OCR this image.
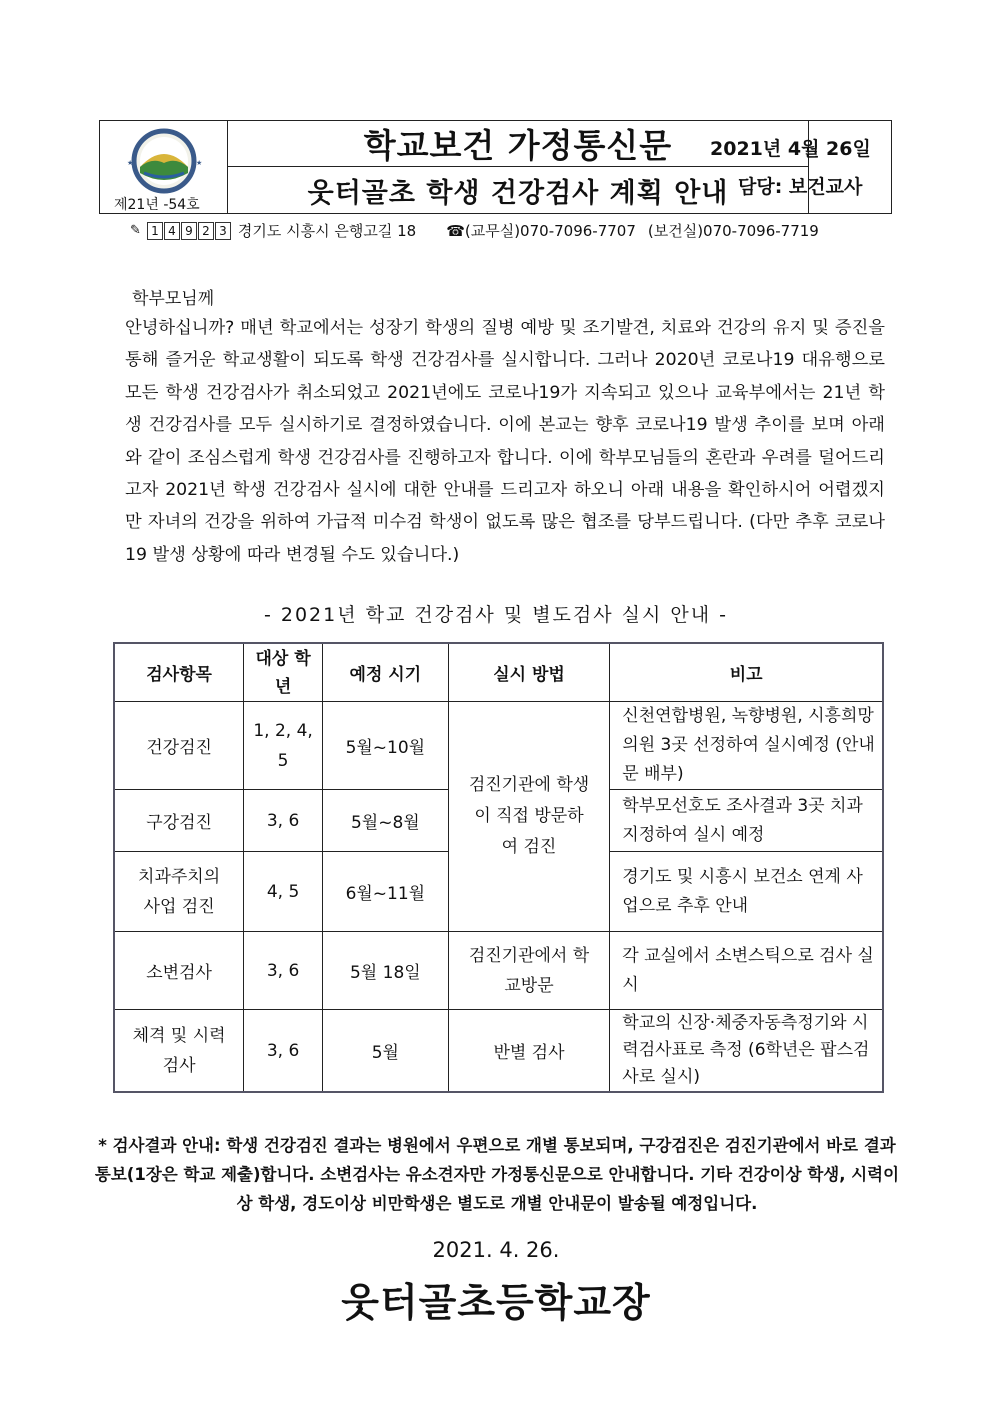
★	★	학교보건 가정통신문
웃터골초 학생 건강검사 계획 안내
2021년 4월 26일
담당: 보건교사
제21년 -54호
✎ 1 4 9 2 3 경기도 시흥시 은행고길 18 ☎(교무실)070-7096-7707 (보건실)070-7096-7719
학부모님께
안녕하십니까? 매년 학교에서는 성장기 학생의 질병 예방 및 조기발견, 치료와 건강의 유지 및 증진을 통해 즐거운 학교생활이 되도록 학생 건강검사를 실시합니다. 그러나 2020년 코로나19 대유행으로 모든 학생 건강검사가 취소되었고 2021년에도 코로나19가 지속되고 있으나 교육부에서는 21년 학생 건강검사를 모두 실시하기로 결정하였습니다. 이에 본교는 향후 코로나19 발생 추이를 보며 아래와 같이 조심스럽게 학생 건강검사를 진행하고자 합니다. 이에 학부모님들의 혼란과 우려를 덜어드리고자 2021년 학생 건강검사 실시에 대한 안내를 드리고자 하오니 아래 내용을 확인하시어 어렵겠지만 자녀의 건강을 위하여 가급적 미수검 학생이 없도록 많은 협조를 당부드립니다. (다만 추후 코로나19 발생 상황에 따라 변경될 수도 있습니다.)
- 2021년 학교 건강검사 및 별도검사 실시 안내 -
검사항목	대상 학년	예정 시기	실시 방법	비고
건강검진	1, 2, 4, 5	5월~10월	검진기관에 학생이 직접 방문하여 검진	신천연합병원, 녹향병원, 시흥희망의원 3곳 선정하여 실시예정 (안내문 배부)
구강검진	3, 6	5월~8월		학부모선호도 조사결과 3곳 치과 지정하여 실시 예정
치과주치의 사업 검진	4, 5	6월~11월		경기도 및 시흥시 보건소 연계 사업으로 추후 안내
소변검사	3, 6	5월 18일	검진기관에서 학교방문	각 교실에서 소변스틱으로 검사 실시
체격 및 시력 검사	3, 6	5월	반별 검사	학교의 신장·체중자동측정기와 시력검사표로 측정 (6학년은 팝스검사로 실시)
* 검사결과 안내: 학생 건강검진 결과는 병원에서 우편으로 개별 통보되며, 구강검진은 검진기관에서 바로 결과 통보(1장은 학교 제출)합니다. 소변검사는 유소견자만 가정통신문으로 안내합니다. 기타 건강이상 학생, 시력이상 학생, 경도이상 비만학생은 별도로 개별 안내문이 발송될 예정입니다.
2021. 4. 26.
웃터골초등학교장
